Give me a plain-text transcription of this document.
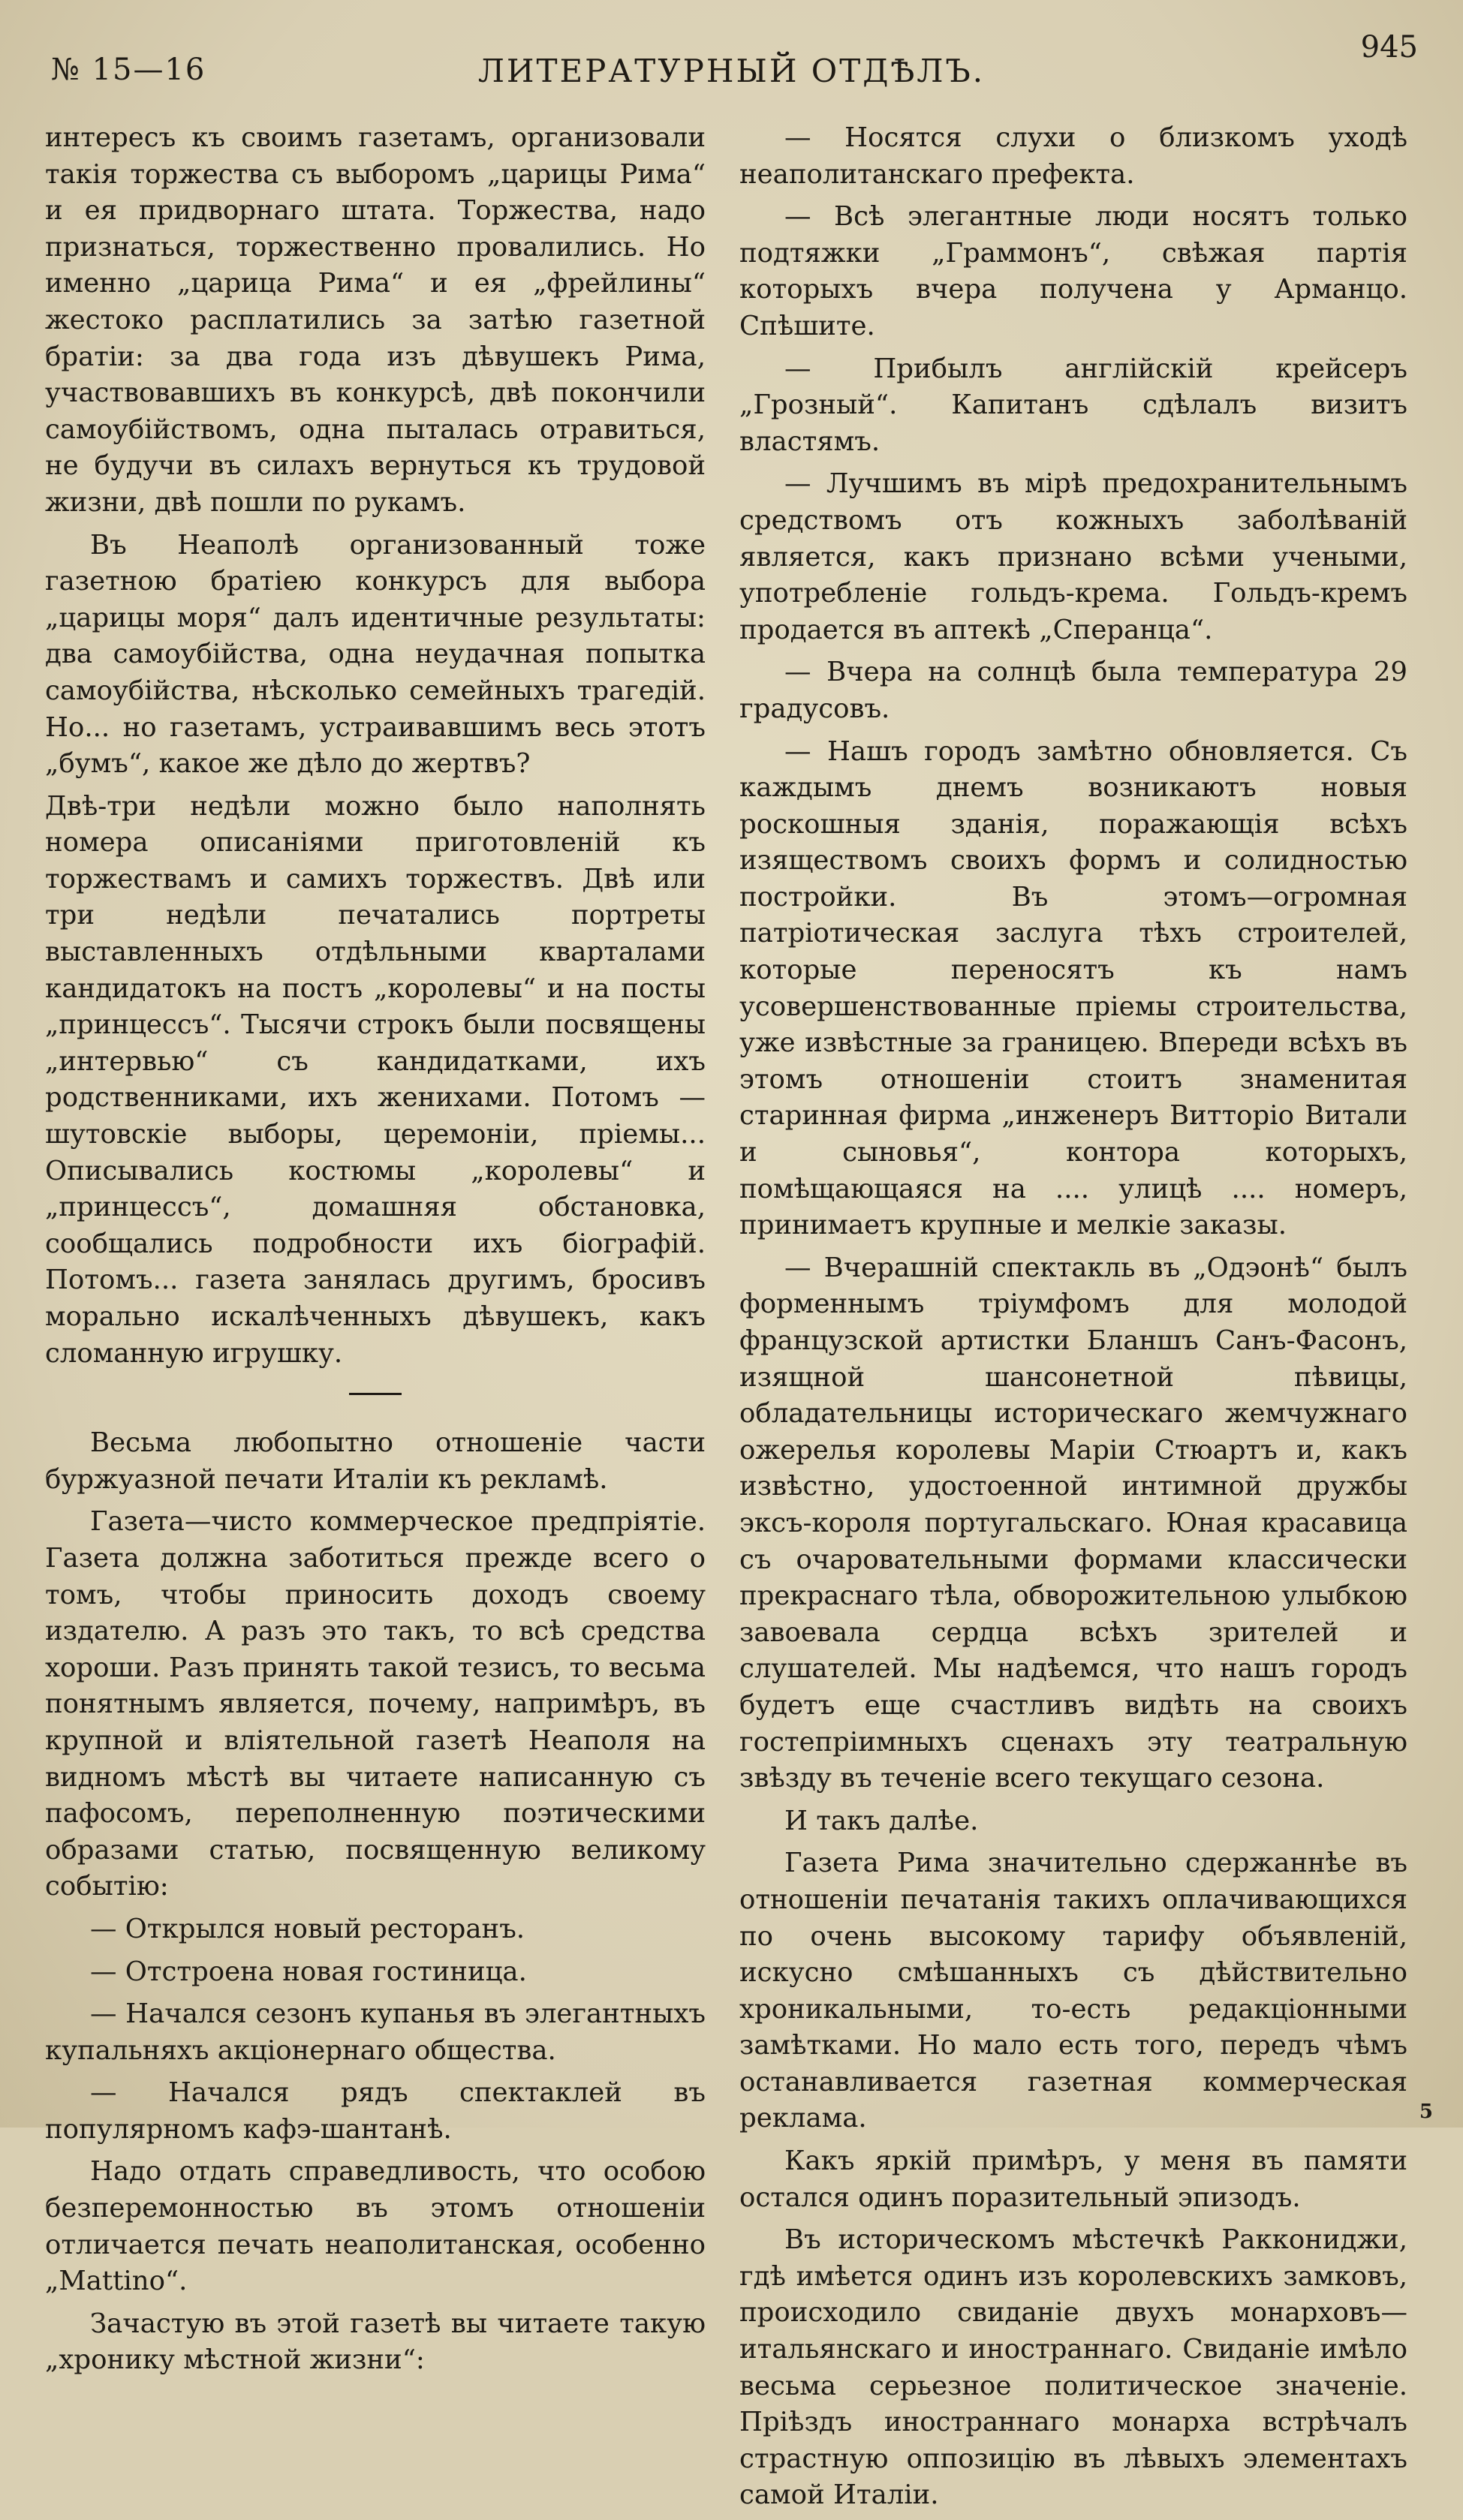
№ 15—16	ЛИТЕРАТУРНЫЙ ОТДѢЛЪ.
945

интересъ къ своимъ газетамъ, организовали такія торжества съ выборомъ „царицы Рима“ и ея придворнаго штата. Торжества, надо признаться, торжественно провалились. Но именно „царица Рима“ и ея „фрейлины“ жестоко расплатились за затѣю газетной братіи: за два года изъ дѣвушекъ Рима, участвовавшихъ въ конкурсѣ, двѣ покончили самоубійствомъ, одна пыталась отравиться, не будучи въ силахъ вернуться къ трудовой жизни, двѣ пошли по рукамъ.

Въ Неаполѣ организованный тоже газетною братіею конкурсъ для выбора „царицы моря“ далъ идентичные результаты: два самоубійства, одна неудачная попытка самоубійства, нѣсколько семейныхъ трагедій. Но... но газетамъ, устраивавшимъ весь этотъ „бумъ“, какое же дѣло до жертвъ?

Двѣ-три недѣли можно было наполнять номера описаніями приготовленій къ торжествамъ и самихъ торжествъ. Двѣ или три недѣли печатались портреты выставленныхъ отдѣльными кварталами кандидатокъ на постъ „королевы“ и на посты „принцессъ“. Тысячи строкъ были посвящены „интервью“ съ кандидатками, ихъ родственниками, ихъ женихами. Потомъ — шутовскіе выборы, церемоніи, пріемы... Описывались костюмы „королевы“ и „принцессъ“, домашняя обстановка, сообщались подробности ихъ біографій. Потомъ... газета занялась другимъ, бросивъ морально искалѣченныхъ дѣвушекъ, какъ сломанную игрушку.

Весьма любопытно отношеніе части буржуазной печати Италіи къ рекламѣ.

Газета—чисто коммерческое предпріятіе. Газета должна заботиться прежде всего о томъ, чтобы приносить доходъ своему издателю. А разъ это такъ, то всѣ средства хороши. Разъ принять такой тезисъ, то весьма понятнымъ является, почему, напримѣръ, въ крупной и вліятельной газетѣ Неаполя на видномъ мѣстѣ вы читаете написанную съ пафосомъ, переполненную поэтическими образами статью, посвященную великому событію:

— Открылся новый ресторанъ.

— Отстроена новая гостиница.

— Начался сезонъ купанья въ элегантныхъ купальняхъ акціонернаго общества.

— Начался рядъ спектаклей въ популярномъ кафэ-шантанѣ.

Надо отдать справедливость, что особою безперемонностью въ этомъ отношеніи отличается печать неаполитанская, особенно „Mattino“.

Зачастую въ этой газетѣ вы читаете такую „хронику мѣстной жизни“:

— Носятся слухи о близкомъ уходѣ неаполитанскаго префекта.

— Всѣ элегантные люди носятъ только подтяжки „Граммонъ“, свѣжая партія которыхъ вчера получена у Арманцо. Спѣшите.

— Прибылъ англійскій крейсеръ „Грозный“. Капитанъ сдѣлалъ визитъ властямъ.

— Лучшимъ въ мірѣ предохранительнымъ средствомъ отъ кожныхъ заболѣваній является, какъ признано всѣми учеными, употребленіе гольдъ-крема. Гольдъ-кремъ продается въ аптекѣ „Сперанца“.

— Вчера на солнцѣ была температура 29 градусовъ.

— Нашъ городъ замѣтно обновляется. Съ каждымъ днемъ возникаютъ новыя роскошныя зданія, поражающія всѣхъ изяществомъ своихъ формъ и солидностью постройки. Въ этомъ—огромная патріотическая заслуга тѣхъ строителей, которые переносятъ къ намъ усовершенствованные пріемы строительства, уже извѣстные за границею. Впереди всѣхъ въ этомъ отношеніи стоитъ знаменитая старинная фирма „инженеръ Витторіо Витали и сыновья“, контора которыхъ, помѣщающаяся на .... улицѣ .... номеръ, принимаетъ крупные и мелкіе заказы.

— Вчерашній спектакль въ „Одэонѣ“ былъ форменнымъ тріумфомъ для молодой французской артистки Бланшъ Санъ-Фасонъ, изящной шансонетной пѣвицы, обладательницы историческаго жемчужнаго ожерелья королевы Маріи Стюартъ и, какъ извѣстно, удостоенной интимной дружбы эксъ-короля португальскаго. Юная красавица съ очаровательными формами классически прекраснаго тѣла, обворожительною улыбкою завоевала сердца всѣхъ зрителей и слушателей. Мы надѣемся, что нашъ городъ будетъ еще счастливъ видѣть на своихъ гостепріимныхъ сценахъ эту театральную звѣзду въ теченіе всего текущаго сезона.

И такъ далѣе.

Газета Рима значительно сдержаннѣе въ отношеніи печатанія такихъ оплачивающихся по очень высокому тарифу объявленій, искусно смѣшанныхъ съ дѣйствительно хроникальными, то-есть редакціонными замѣтками. Но мало есть того, передъ чѣмъ останавливается газетная коммерческая реклама.

Какъ яркій примѣръ, у меня въ памяти остался одинъ поразительный эпизодъ.

Въ историческомъ мѣстечкѣ Раккониджи, гдѣ имѣется одинъ изъ королевскихъ замковъ, происходило свиданіе двухъ монарховъ—итальянскаго и иностраннаго. Свиданіе имѣло весьма серьезное политическое значеніе. Пріѣздъ иностраннаго монарха встрѣчалъ страстную оппозицію въ лѣвыхъ элементахъ самой Италіи.

5
